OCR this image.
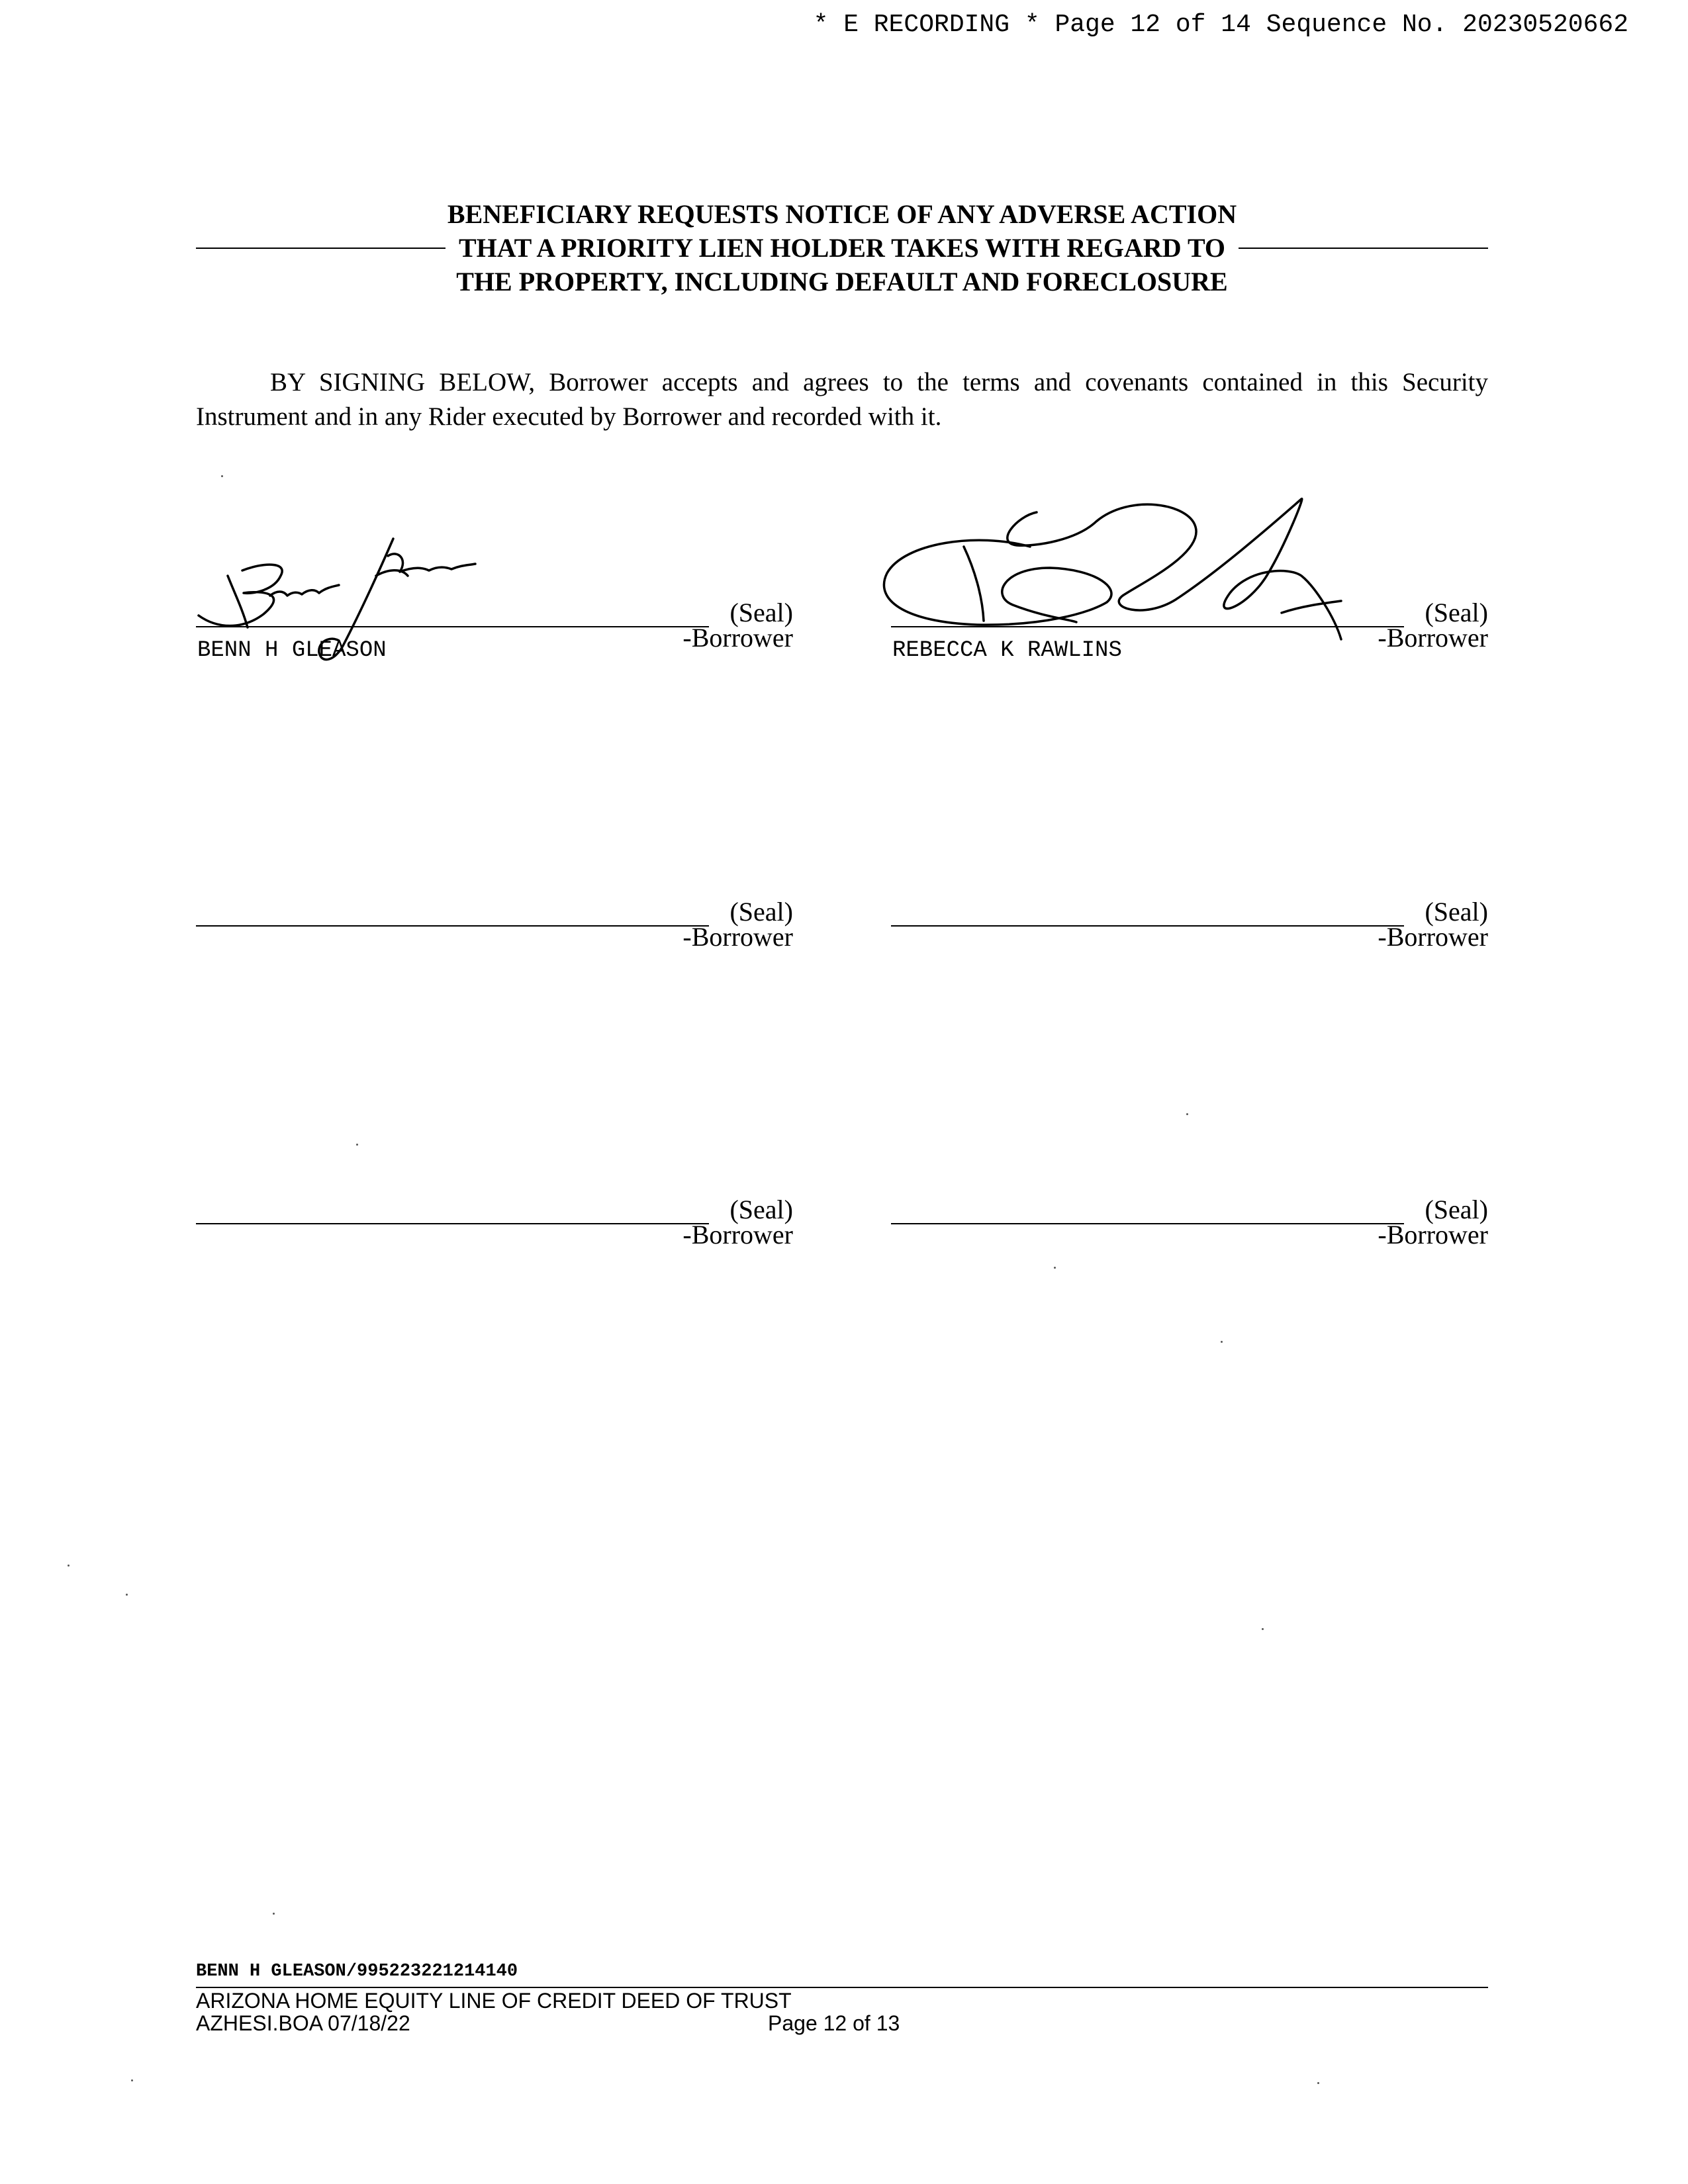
* E RECORDING * Page 12 of 14 Sequence No. 20230520662
BENEFICIARY REQUESTS NOTICE OF ANY ADVERSE ACTION
THAT A PRIORITY LIEN HOLDER TAKES WITH REGARD TO
THE PROPERTY, INCLUDING DEFAULT AND FORECLOSURE

BY SIGNING BELOW, Borrower accepts and agrees to the terms and covenants contained in this Security Instrument and in any Rider executed by Borrower and recorded with it.

(Seal)
-Borrower
BENN H GLEASON
(Seal)
-Borrower
REBECCA K RAWLINS
(Seal)
-Borrower
(Seal)
-Borrower
(Seal)
-Borrower
(Seal)
-Borrower
BENN H GLEASON/995223221214140
ARIZONA HOME EQUITY LINE OF CREDIT DEED OF TRUST
AZHESI.BOA 07/18/22	Page 12 of 13
